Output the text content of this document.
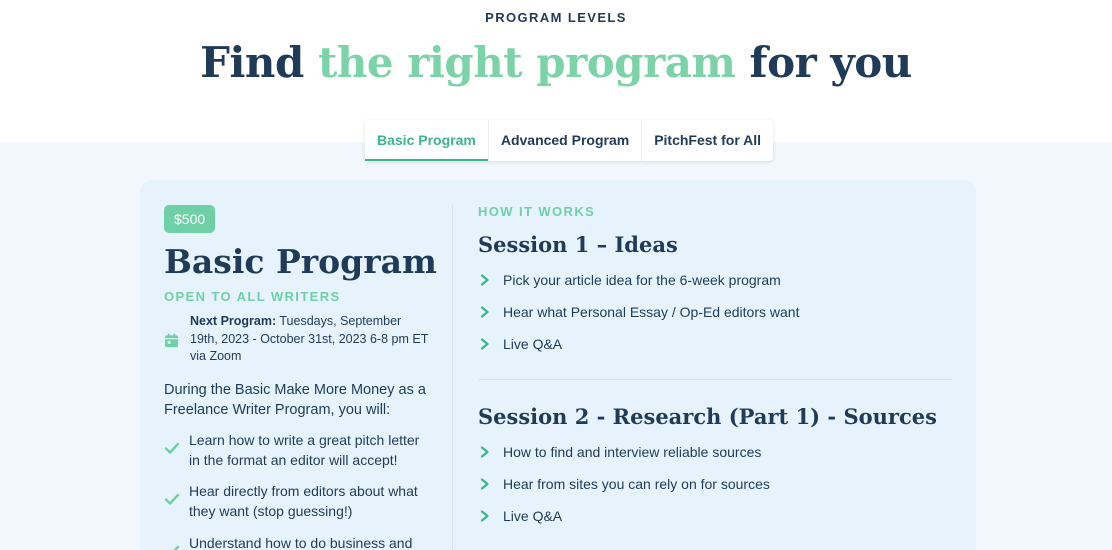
PROGRAM LEVELS
Find the right program for you
Basic Program	Advanced Program	PitchFest for All
$500
Basic Program
OPEN TO ALL WRITERS
Next Program: Tuesdays, September 19th, 2023 - October 31st, 2023 6-8 pm ET via Zoom

During the Basic Make More Money as a Freelance Writer Program, you will:

Learn how to write a great pitch letter in the format an editor will accept!
Hear directly from editors about what they want (stop guessing!)
Understand how to do business and
HOW IT WORKS
Session 1 – Ideas
Pick your article idea for the 6-week program
Hear what Personal Essay / Op-Ed editors want
Live Q&A
Session 2 - Research (Part 1) - Sources
How to find and interview reliable sources
Hear from sites you can rely on for sources
Live Q&A
